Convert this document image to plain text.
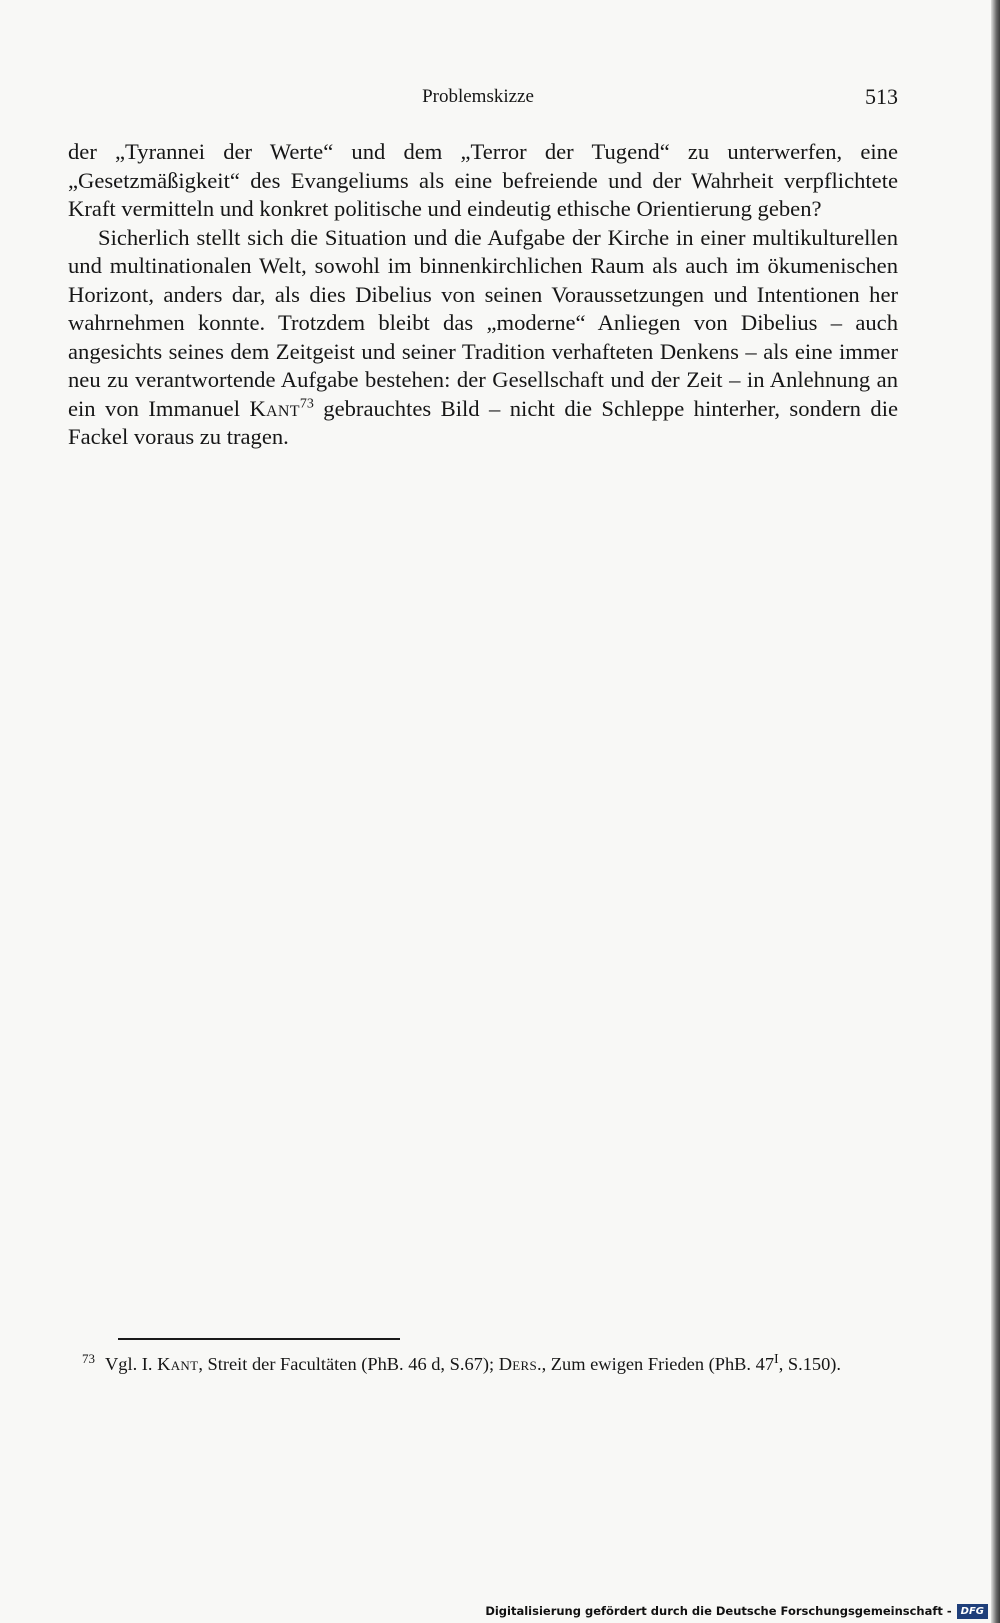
Problemskizze	513

der „Tyrannei der Werte“ und dem „Terror der Tugend“ zu unterwerfen, eine „Gesetzmäßigkeit“ des Evangeliums als eine befreiende und der Wahrheit verpflichtete Kraft vermitteln und konkret politische und eindeutig ethische Orientierung geben?

Sicherlich stellt sich die Situation und die Aufgabe der Kirche in einer multikulturellen und multinationalen Welt, sowohl im binnenkirchlichen Raum als auch im ökumenischen Horizont, anders dar, als dies Dibelius von seinen Voraussetzungen und Intentionen her wahrnehmen konnte. Trotzdem bleibt das „moderne“ Anliegen von Dibelius – auch angesichts seines dem Zeitgeist und seiner Tradition verhafteten Denkens – als eine immer neu zu verantwortende Aufgabe bestehen: der Gesellschaft und der Zeit – in Anlehnung an ein von Immanuel Kant$^{73}$ gebrauchtes Bild – nicht die Schleppe hinterher, sondern die Fackel voraus zu tragen.

$^{73}$ Vgl. I. Kant, Streit der Facultäten (PhB. 46 d, S.67); Ders., Zum ewigen Frieden (PhB. $47^I$, S.150).
Digitalisierung gefördert durch die Deutsche Forschungsgemeinschaft - DFG
